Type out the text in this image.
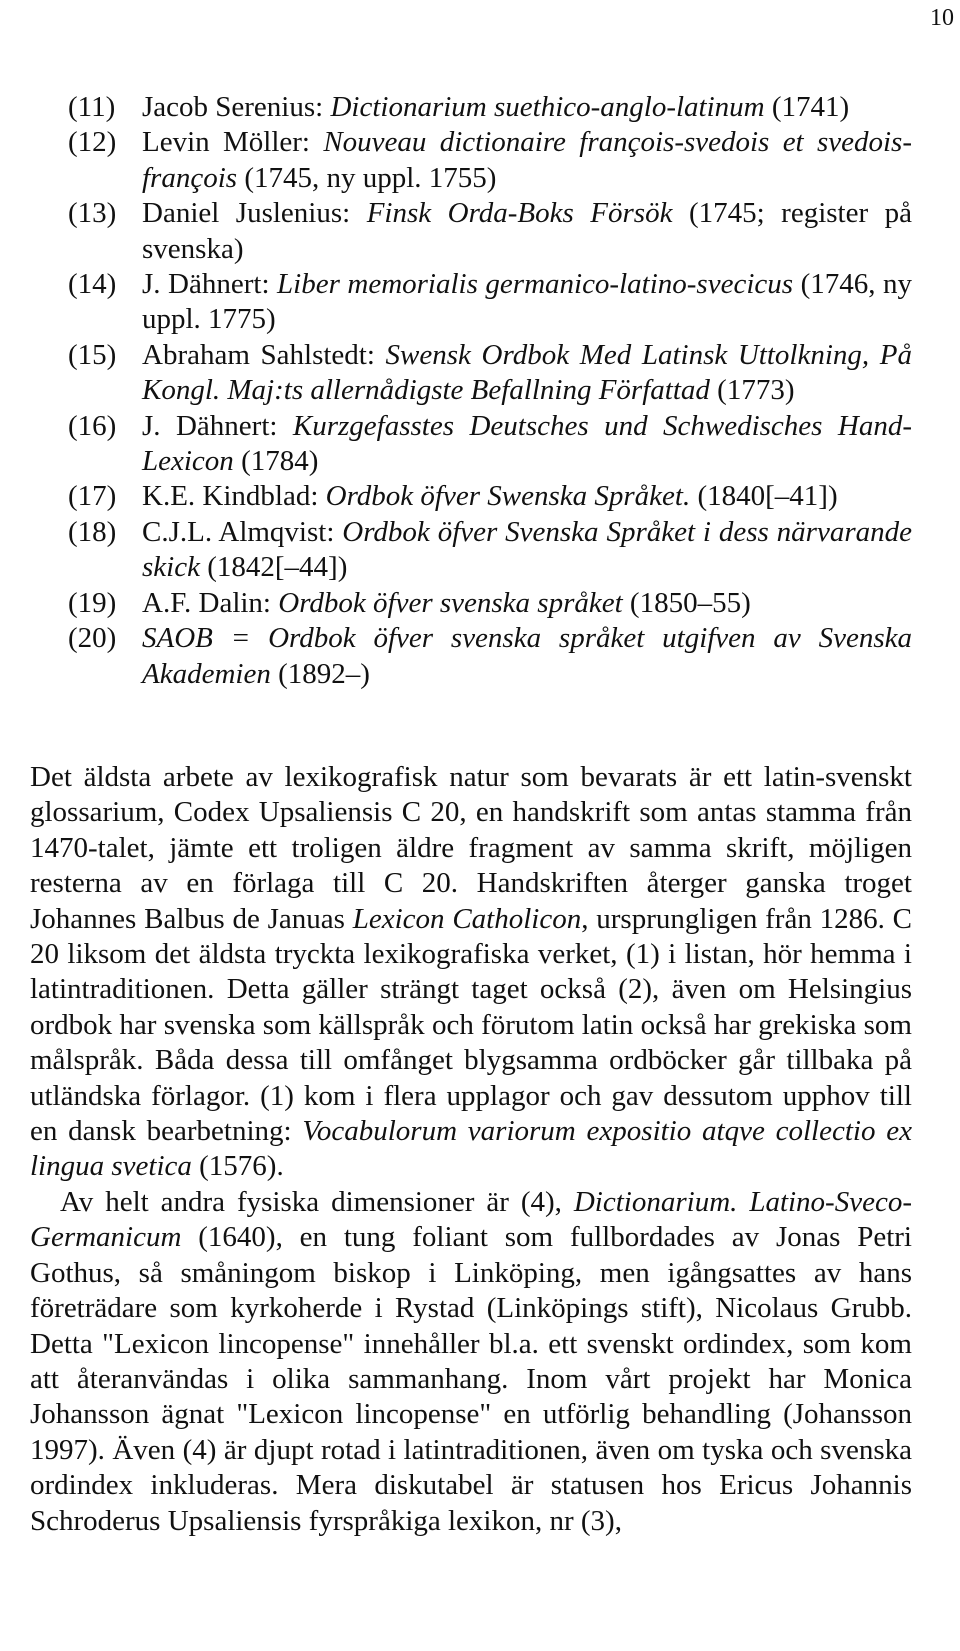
10
(11) Jacob Serenius: Dictionarium suethico-anglo-latinum (1741)
(12) Levin Möller: Nouveau dictionaire françois-svedois et svedois-françois (1745, ny uppl. 1755)
(13) Daniel Juslenius: Finsk Orda-Boks Försök (1745; register på svenska)
(14) J. Dähnert: Liber memorialis germanico-latino-svecicus (1746, ny uppl. 1775)
(15) Abraham Sahlstedt: Swensk Ordbok Med Latinsk Uttolkning, På Kongl. Maj:ts allernådigste Befallning Författad (1773)
(16) J. Dähnert: Kurzgefasstes Deutsches und Schwedisches Hand-Lexicon (1784)
(17) K.E. Kindblad: Ordbok öfver Swenska Språket. (1840[–41])
(18) C.J.L. Almqvist: Ordbok öfver Svenska Språket i dess närvarande skick (1842[–44])
(19) A.F. Dalin: Ordbok öfver svenska språket (1850–55)
(20) SAOB = Ordbok öfver svenska språket utgifven av Svenska Akademien (1892–)

Det äldsta arbete av lexikografisk natur som bevarats är ett latin-svenskt glossarium, Codex Upsaliensis C 20, en handskrift som antas stamma från 1470-talet, jämte ett troligen äldre fragment av samma skrift, möjligen resterna av en förlaga till C 20. Handskriften återger ganska troget Johannes Balbus de Januas Lexicon Catholicon, ursprungligen från 1286. C 20 liksom det äldsta tryckta lexikografiska verket, (1) i listan, hör hemma i latintraditionen. Detta gäller strängt taget också (2), även om Helsingius ordbok har svenska som källspråk och förutom latin också har grekiska som målspråk. Båda dessa till omfånget blygsamma ordböcker går tillbaka på utländska förlagor. (1) kom i flera upplagor och gav dessutom upphov till en dansk bearbetning: Vocabulorum variorum expositio atqve collectio ex lingua svetica (1576).

Av helt andra fysiska dimensioner är (4), Dictionarium. Latino-Sveco-Germanicum (1640), en tung foliant som fullbordades av Jonas Petri Gothus, så småningom biskop i Linköping, men igångsattes av hans företrädare som kyrkoherde i Rystad (Linköpings stift), Nicolaus Grubb. Detta "Lexicon lincopense" innehåller bl.a. ett svenskt ordindex, som kom att återanvändas i olika sammanhang. Inom vårt projekt har Monica Johansson ägnat "Lexicon lincopense" en utförlig behandling (Johansson 1997). Även (4) är djupt rotad i latintraditionen, även om tyska och svenska ordindex inkluderas. Mera diskutabel är statusen hos Ericus Johannis Schroderus Upsaliensis fyrspråkiga lexikon, nr (3),
